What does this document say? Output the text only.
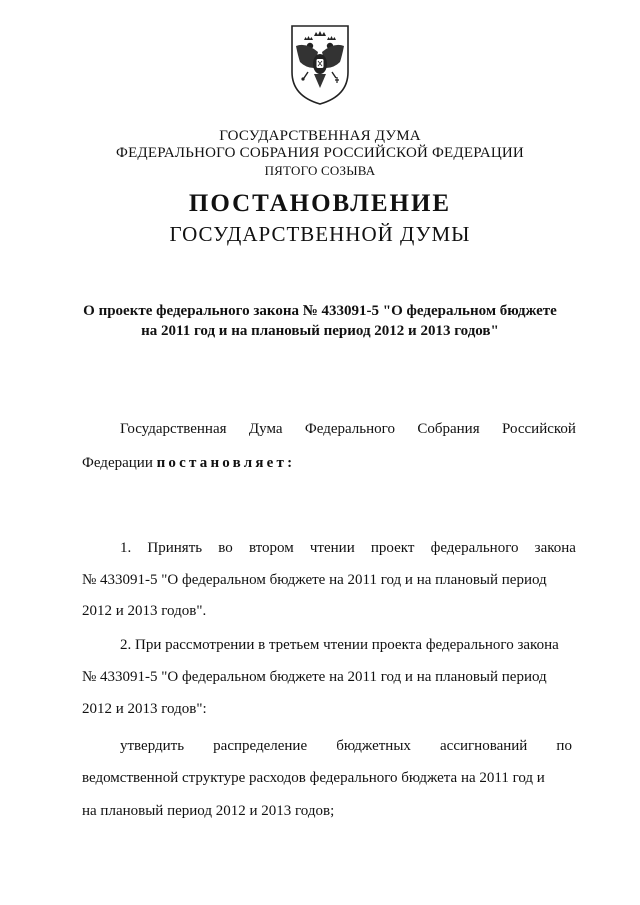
ГОСУДАРСТВЕННАЯ ДУМА
ФЕДЕРАЛЬНОГО СОБРАНИЯ РОССИЙСКОЙ ФЕДЕРАЦИИ
ПЯТОГО СОЗЫВА
ПОСТАНОВЛЕНИЕ
ГОСУДАРСТВЕННОЙ ДУМЫ
О проекте федерального закона № 433091-5 "О федеральном бюджете
на 2011 год и на плановый период 2012 и 2013 годов"
Государственная Дума Федерального Собрания Российской
Федерации постановляет:
1. Принять во втором чтении проект федерального закона
№ 433091-5 "О федеральном бюджете на 2011 год и на плановый период
2012 и 2013 годов".
2. При рассмотрении в третьем чтении проекта федерального закона
№ 433091-5 "О федеральном бюджете на 2011 год и на плановый период
2012 и 2013 годов":
утвердить распределение бюджетных ассигнований по
ведомственной структуре расходов федерального бюджета на 2011 год и
на плановый период 2012 и 2013 годов;
